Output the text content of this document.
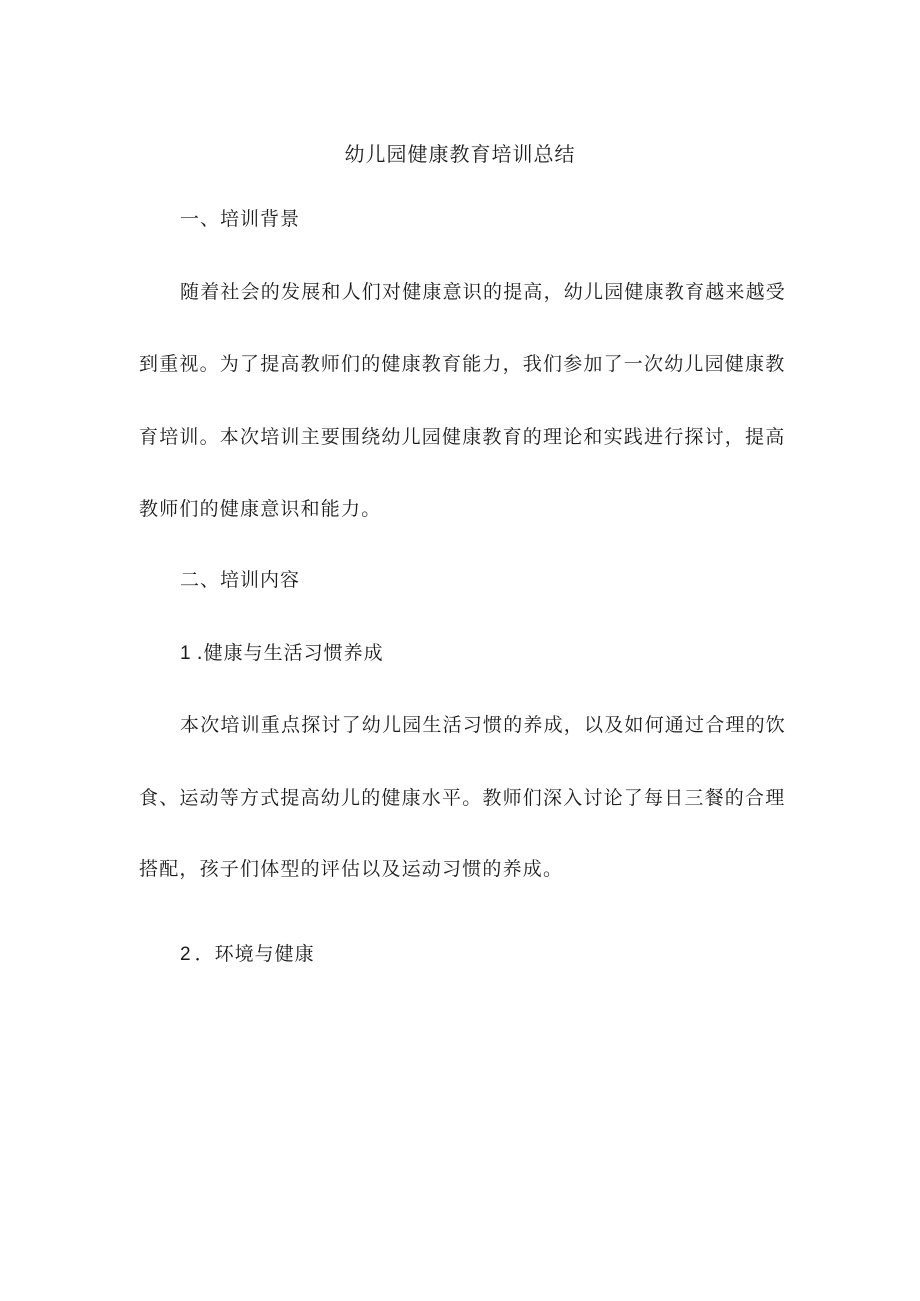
幼儿园健康教育培训总结
一、培训背景
随着社会的发展和人们对健康意识的提高，幼儿园健康教育越来越受
到重视。为了提高教师们的健康教育能力，我们参加了一次幼儿园健康教
育培训。本次培训主要围绕幼儿园健康教育的理论和实践进行探讨，提高
教师们的健康意识和能力。
二、培训内容
1 .健康与生活习惯养成
本次培训重点探讨了幼儿园生活习惯的养成，以及如何通过合理的饮
食、运动等方式提高幼儿的健康水平。教师们深入讨论了每日三餐的合理
搭配，孩子们体型的评估以及运动习惯的养成。
2 ．环境与健康
